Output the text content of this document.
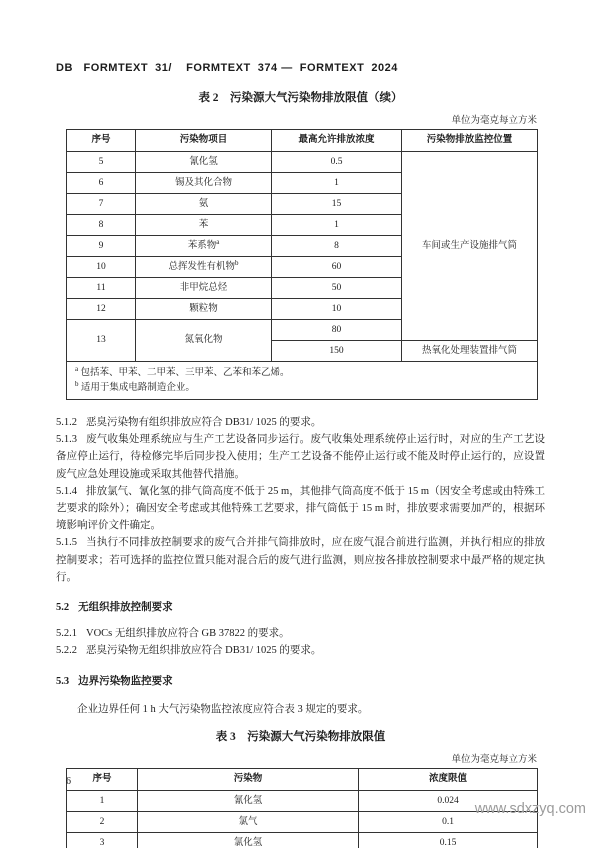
DB   FORMTEXT  31/    FORMTEXT  374 —  FORMTEXT  2024
表 2　污染源大气污染物排放限值（续）
单位为毫克每立方米
序号	污染物项目	最高允许排放浓度	污染物排放监控位置
5	氰化氢	0.5	车间或生产设施排气筒
6	锡及其化合物	1	
7	氨	15	
8	苯	1	
9	苯系物$^a$	8	
10	总挥发性有机物$^b$	60	
11	非甲烷总烃	50	
12	颗粒物	10	
13	氮氧化物	80	
		150	热氧化处理装置排气筒

$^a$ 包括苯、甲苯、二甲苯、三甲苯、乙苯和苯乙烯。
$^b$ 适用于集成电路制造企业。			

5.1.2 恶臭污染物有组织排放应符合 DB31/ 1025 的要求。

5.1.3 废气收集处理系统应与生产工艺设备同步运行。废气收集处理系统停止运行时，对应的生产工艺设备应停止运行，待检修完毕后同步投入使用；生产工艺设备不能停止运行或不能及时停止运行的，应设置废气应急处理设施或采取其他替代措施。

5.1.4 排放氯气、氰化氢的排气筒高度不低于 25 m，其他排气筒高度不低于 15 m（因安全考虑或由特殊工艺要求的除外）；确因安全考虑或其他特殊工艺要求，排气筒低于 15 m 时，排放要求需要加严的，根据环境影响评价文件确定。

5.1.5 当执行不同排放控制要求的废气合并排气筒排放时，应在废气混合前进行监测，并执行相应的排放控制要求；若可选择的监控位置只能对混合后的废气进行监测，则应按各排放控制要求中最严格的规定执行。

5.2 无组织排放控制要求

5.2.1 VOCs 无组织排放应符合 GB 37822 的要求。

5.2.2 恶臭污染物无组织排放应符合 DB31/ 1025 的要求。

5.3 边界污染物监控要求

企业边界任何 1 h 大气污染物监控浓度应符合表 3 规定的要求。

表 3　污染源大气污染物排放限值
单位为毫克每立方米
序号	污染物	浓度限值
1	氰化氢	0.024
2	氯气	0.1
3	氯化氢	0.15
6
www.sdxzyq.com
